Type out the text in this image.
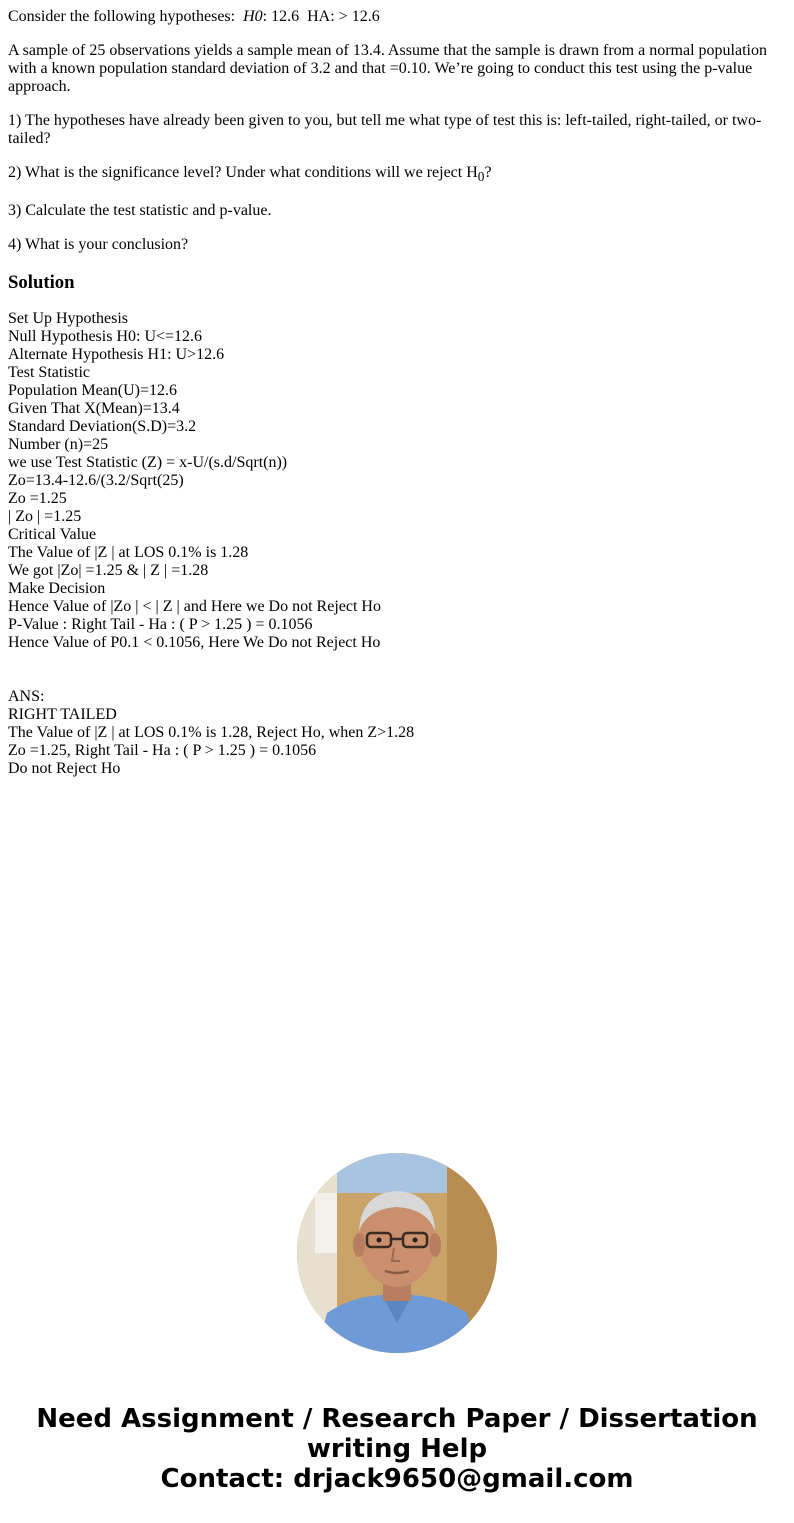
Consider the following hypotheses: H0: 12.6 HA: > 12.6

A sample of 25 observations yields a sample mean of 13.4. Assume that the sample is drawn from a normal population with a known population standard deviation of 3.2 and that =0.10. We’re going to conduct this test using the p-value approach.

1) The hypotheses have already been given to you, but tell me what type of test this is: left-tailed, right-tailed, or two-tailed?

2) What is the significance level? Under what conditions will we reject $H_0$?

3) Calculate the test statistic and p-value.

4) What is your conclusion?

Solution
Set Up Hypothesis
Null Hypothesis H0: U<=12.6
Alternate Hypothesis H1: U>12.6
Test Statistic
Population Mean(U)=12.6
Given That X(Mean)=13.4
Standard Deviation(S.D)=3.2
Number (n)=25
we use Test Statistic (Z) = x-U/(s.d/Sqrt(n))
Zo=13.4-12.6/(3.2/Sqrt(25)
Zo =1.25
| Zo | =1.25
Critical Value
The Value of |Z | at LOS 0.1% is 1.28
We got |Zo| =1.25 & | Z | =1.28
Make Decision
Hence Value of |Zo | < | Z | and Here we Do not Reject Ho
P-Value : Right Tail - Ha : ( P > 1.25 ) = 0.1056
Hence Value of P0.1 < 0.1056, Here We Do not Reject Ho
ANS:
RIGHT TAILED
The Value of |Z | at LOS 0.1% is 1.28, Reject Ho, when Z>1.28
Zo =1.25, Right Tail - Ha : ( P > 1.25 ) = 0.1056
Do not Reject Ho
Need Assignment / Research Paper / Dissertation
writing Help
Contact: drjack9650@gmail.com
